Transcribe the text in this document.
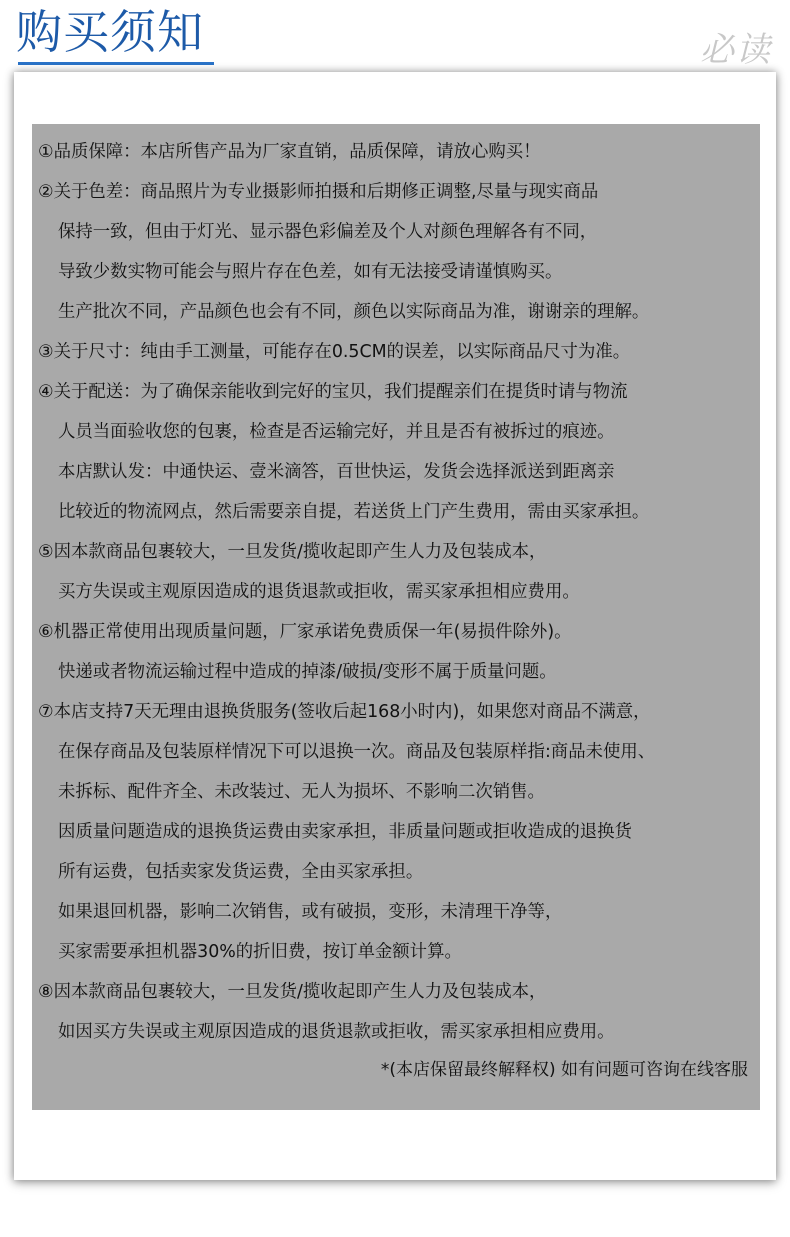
购买须知	必读
①品质保障：本店所售产品为厂家直销，品质保障，请放心购买！
②关于色差：商品照片为专业摄影师拍摄和后期修正调整,尽量与现实商品
保持一致，但由于灯光、显示器色彩偏差及个人对颜色理解各有不同，
导致少数实物可能会与照片存在色差，如有无法接受请谨慎购买。
生产批次不同，产品颜色也会有不同，颜色以实际商品为准，谢谢亲的理解。
③关于尺寸：纯由手工测量，可能存在0.5CM的误差，以实际商品尺寸为准。
④关于配送：为了确保亲能收到完好的宝贝，我们提醒亲们在提货时请与物流
人员当面验收您的包裹，检查是否运输完好，并且是否有被拆过的痕迹。
本店默认发：中通快运、壹米滴答，百世快运，发货会选择派送到距离亲
比较近的物流网点，然后需要亲自提，若送货上门产生费用，需由买家承担。
⑤因本款商品包裹较大，一旦发货/揽收起即产生人力及包装成本，
买方失误或主观原因造成的退货退款或拒收，需买家承担相应费用。
⑥机器正常使用出现质量问题，厂家承诺免费质保一年(易损件除外)。
快递或者物流运输过程中造成的掉漆/破损/变形不属于质量问题。
⑦本店支持7天无理由退换货服务(签收后起168小时内)，如果您对商品不满意，
在保存商品及包装原样情况下可以退换一次。商品及包装原样指:商品未使用、
未拆标、配件齐全、未改装过、无人为损坏、不影响二次销售。
因质量问题造成的退换货运费由卖家承担，非质量问题或拒收造成的退换货
所有运费，包括卖家发货运费，全由买家承担。
如果退回机器，影响二次销售，或有破损，变形，未清理干净等，
买家需要承担机器30%的折旧费，按订单金额计算。
⑧因本款商品包裹较大，一旦发货/揽收起即产生人力及包装成本，
如因买方失误或主观原因造成的退货退款或拒收，需买家承担相应费用。
*(本店保留最终解释权) 如有问题可咨询在线客服
